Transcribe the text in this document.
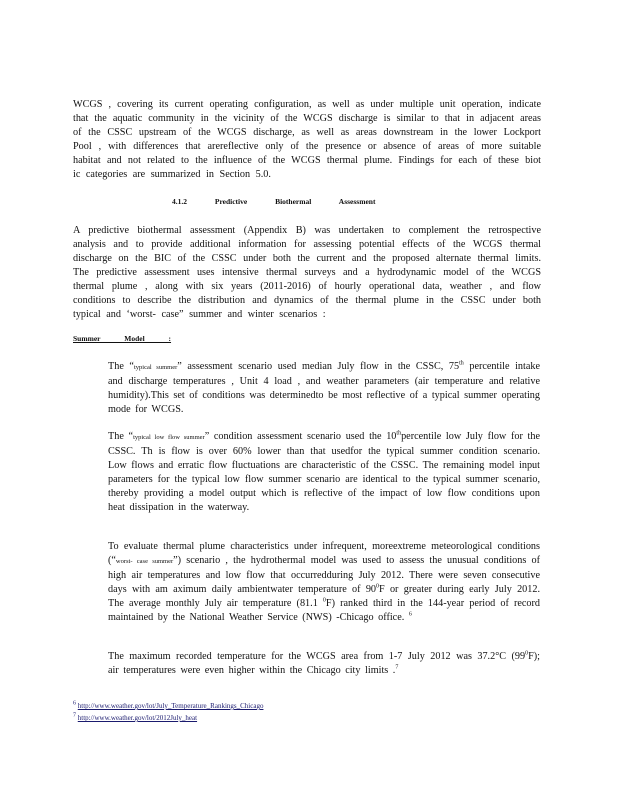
WCGS , covering its current operating configuration, as well as under multiple unit operation, indicate that the aquatic community in the vicinity of the WCGS discharge is similar to that in adjacent areas of the CSSC upstream of the WCGS discharge, as well as areas downstream in the lower Lockport Pool , with differences that arereflective only of the presence or absence of areas of more suitable habitat and not related to the influence of the WCGS thermal plume. Findings for each of these biot ic categories are summarized in Section 5.0.

4.1.2 Predictive Biothermal Assessment

A predictive biothermal assessment (Appendix B) was undertaken to complement the retrospective analysis and to provide additional information for assessing potential effects of the WCGS thermal discharge on the BIC of the CSSC under both the current and the proposed alternate thermal limits. The predictive assessment uses intensive thermal surveys and a hydrodynamic model of the WCGS thermal plume , along with six years (2011-2016) of hourly operational data, weather , and flow conditions to describe the distribution and dynamics of the thermal plume in the CSSC under both typical and ‘worst- case” summer and winter scenarios :

Summer Model :
The “typical summer” assessment scenario used median July flow in the CSSC, 75th percentile intake and discharge temperatures , Unit 4 load , and weather parameters (air temperature and relative humidity).This set of conditions was determinedto be most reflective of a typical summer operating mode for WCGS.
The “typical low flow summer” condition assessment scenario used the 10thpercentile low July flow for the CSSC. Th is flow is over 60% lower than that usedfor the typical summer condition scenario. Low flows and erratic flow fluctuations are characteristic of the CSSC. The remaining model input parameters for the typical low flow summer scenario are identical to the typical summer scenario, thereby providing a model output which is reflective of the impact of low flow conditions upon heat dissipation in the waterway.
To evaluate thermal plume characteristics under infrequent, moreextreme meteorological conditions (“worst- case summer”) scenario , the hydrothermal model was used to assess the unusual conditions of high air temperatures and low flow that occurredduring July 2012. There were seven consecutive days with am aximum daily ambientwater temperature of $90^0F$ or greater during early July 2012. The average monthly July air temperature (81.1 $^0$F) ranked third in the 144-year period of record maintained by the National Weather Service (NWS) -Chicago office. $^6$

The maximum recorded temperature for the WCGS area from 1-7 July 2012 was 37.2°C $(99^0F)$; air temperatures were even higher within the Chicago city limits .$^7$

$^6$ http://www.weather.gov/lot/July_Temperature_Rankings_Chicago
$^7$ http://www.weather.gov/lot/2012July_heat
